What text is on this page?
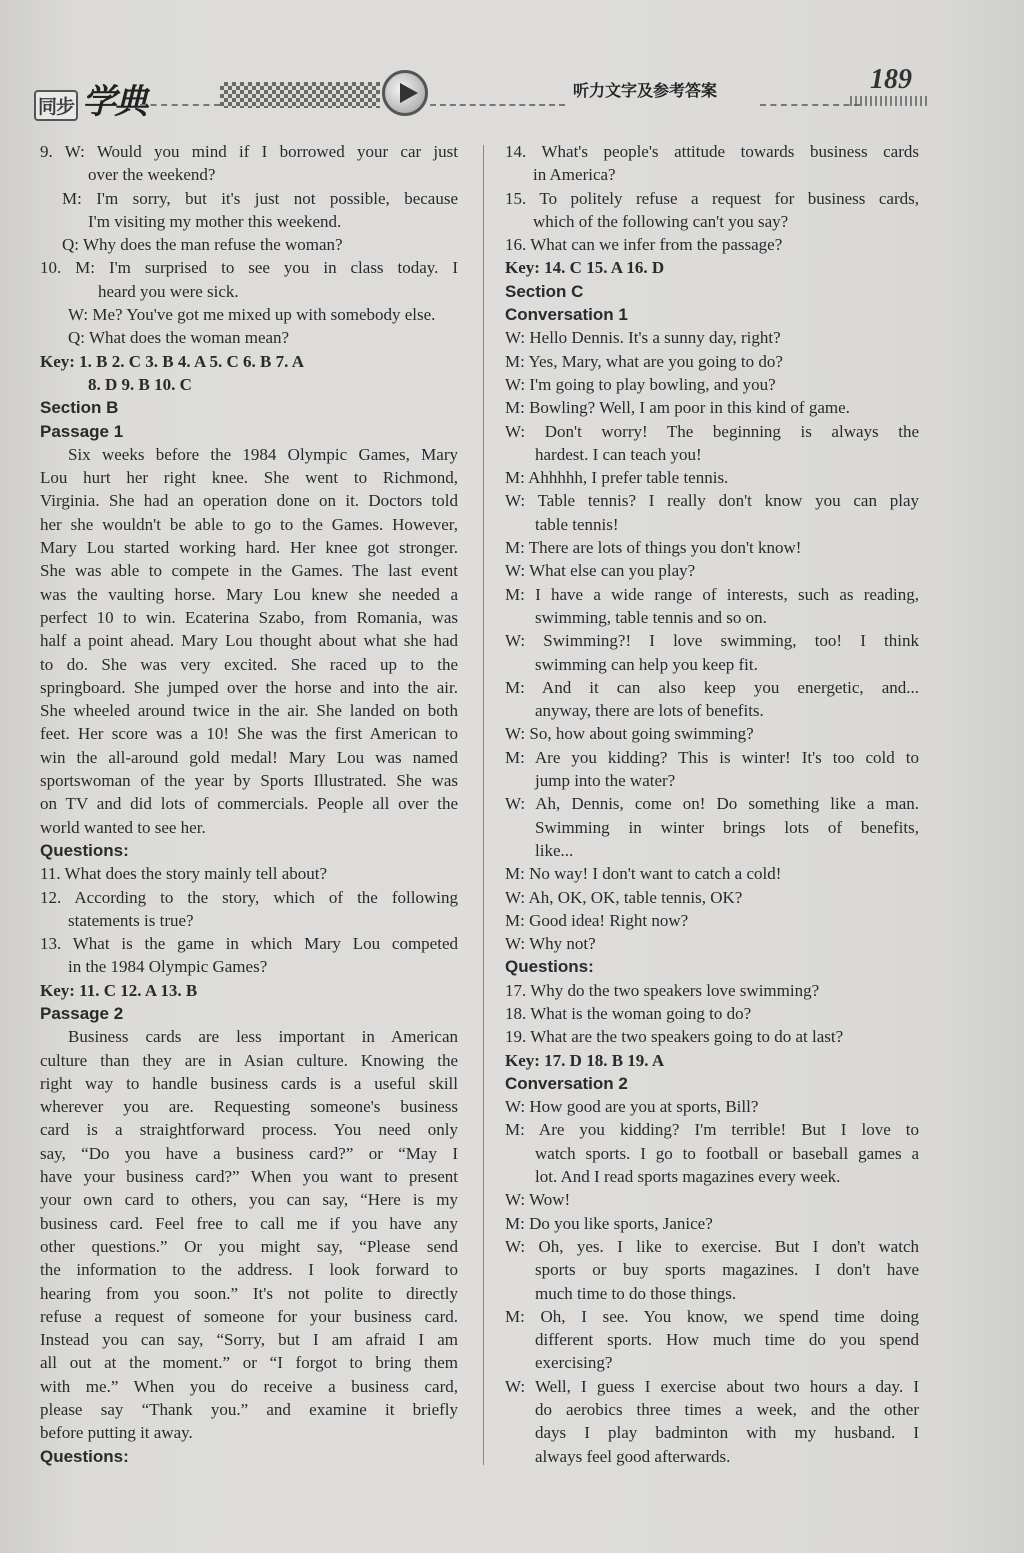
同步 学典	听力文字及参考答案	189
9. W: Would you mind if I borrowed your car just
over the weekend?
M: I'm sorry, but it's just not possible, because
I'm visiting my mother this weekend.
Q: Why does the man refuse the woman?
10. M: I'm surprised to see you in class today. I
heard you were sick.
W: Me? You've got me mixed up with somebody else.
Q: What does the woman mean?
Key: 1. B 2. C 3. B 4. A 5. C 6. B 7. A
8. D 9. B 10. C
Section B
Passage 1
Six weeks before the 1984 Olympic Games, Mary
Lou hurt her right knee. She went to Richmond,
Virginia. She had an operation done on it. Doctors told
her she wouldn't be able to go to the Games. However,
Mary Lou started working hard. Her knee got stronger.
She was able to compete in the Games. The last event
was the vaulting horse. Mary Lou knew she needed a
perfect 10 to win. Ecaterina Szabo, from Romania, was
half a point ahead. Mary Lou thought about what she had
to do. She was very excited. She raced up to the
springboard. She jumped over the horse and into the air.
She wheeled around twice in the air. She landed on both
feet. Her score was a 10! She was the first American to
win the all-around gold medal! Mary Lou was named
sportswoman of the year by Sports Illustrated. She was
on TV and did lots of commercials. People all over the
world wanted to see her.
Questions:
11. What does the story mainly tell about?
12. According to the story, which of the following
statements is true?
13. What is the game in which Mary Lou competed
in the 1984 Olympic Games?
Key: 11. C 12. A 13. B
Passage 2
Business cards are less important in American
culture than they are in Asian culture. Knowing the
right way to handle business cards is a useful skill
wherever you are. Requesting someone's business
card is a straightforward process. You need only
say, “Do you have a business card?” or “May I
have your business card?” When you want to present
your own card to others, you can say, “Here is my
business card. Feel free to call me if you have any
other questions.” Or you might say, “Please send
the information to the address. I look forward to
hearing from you soon.” It's not polite to directly
refuse a request of someone for your business card.
Instead you can say, “Sorry, but I am afraid I am
all out at the moment.” or “I forgot to bring them
with me.” When you do receive a business card,
please say “Thank you.” and examine it briefly
before putting it away.
Questions:
14. What's people's attitude towards business cards
in America?
15. To politely refuse a request for business cards,
which of the following can't you say?
16. What can we infer from the passage?
Key: 14. C 15. A 16. D
Section C
Conversation 1
W: Hello Dennis. It's a sunny day, right?
M: Yes, Mary, what are you going to do?
W: I'm going to play bowling, and you?
M: Bowling? Well, I am poor in this kind of game.
W: Don't worry! The beginning is always the
hardest. I can teach you!
M: Ahhhhh, I prefer table tennis.
W: Table tennis? I really don't know you can play
table tennis!
M: There are lots of things you don't know!
W: What else can you play?
M: I have a wide range of interests, such as reading,
swimming, table tennis and so on.
W: Swimming?! I love swimming, too! I think
swimming can help you keep fit.
M: And it can also keep you energetic, and...
anyway, there are lots of benefits.
W: So, how about going swimming?
M: Are you kidding? This is winter! It's too cold to
jump into the water?
W: Ah, Dennis, come on! Do something like a man.
Swimming in winter brings lots of benefits,
like...
M: No way! I don't want to catch a cold!
W: Ah, OK, OK, table tennis, OK?
M: Good idea! Right now?
W: Why not?
Questions:
17. Why do the two speakers love swimming?
18. What is the woman going to do?
19. What are the two speakers going to do at last?
Key: 17. D 18. B 19. A
Conversation 2
W: How good are you at sports, Bill?
M: Are you kidding? I'm terrible! But I love to
watch sports. I go to football or baseball games a
lot. And I read sports magazines every week.
W: Wow!
M: Do you like sports, Janice?
W: Oh, yes. I like to exercise. But I don't watch
sports or buy sports magazines. I don't have
much time to do those things.
M: Oh, I see. You know, we spend time doing
different sports. How much time do you spend
exercising?
W: Well, I guess I exercise about two hours a day. I
do aerobics three times a week, and the other
days I play badminton with my husband. I
always feel good afterwards.
